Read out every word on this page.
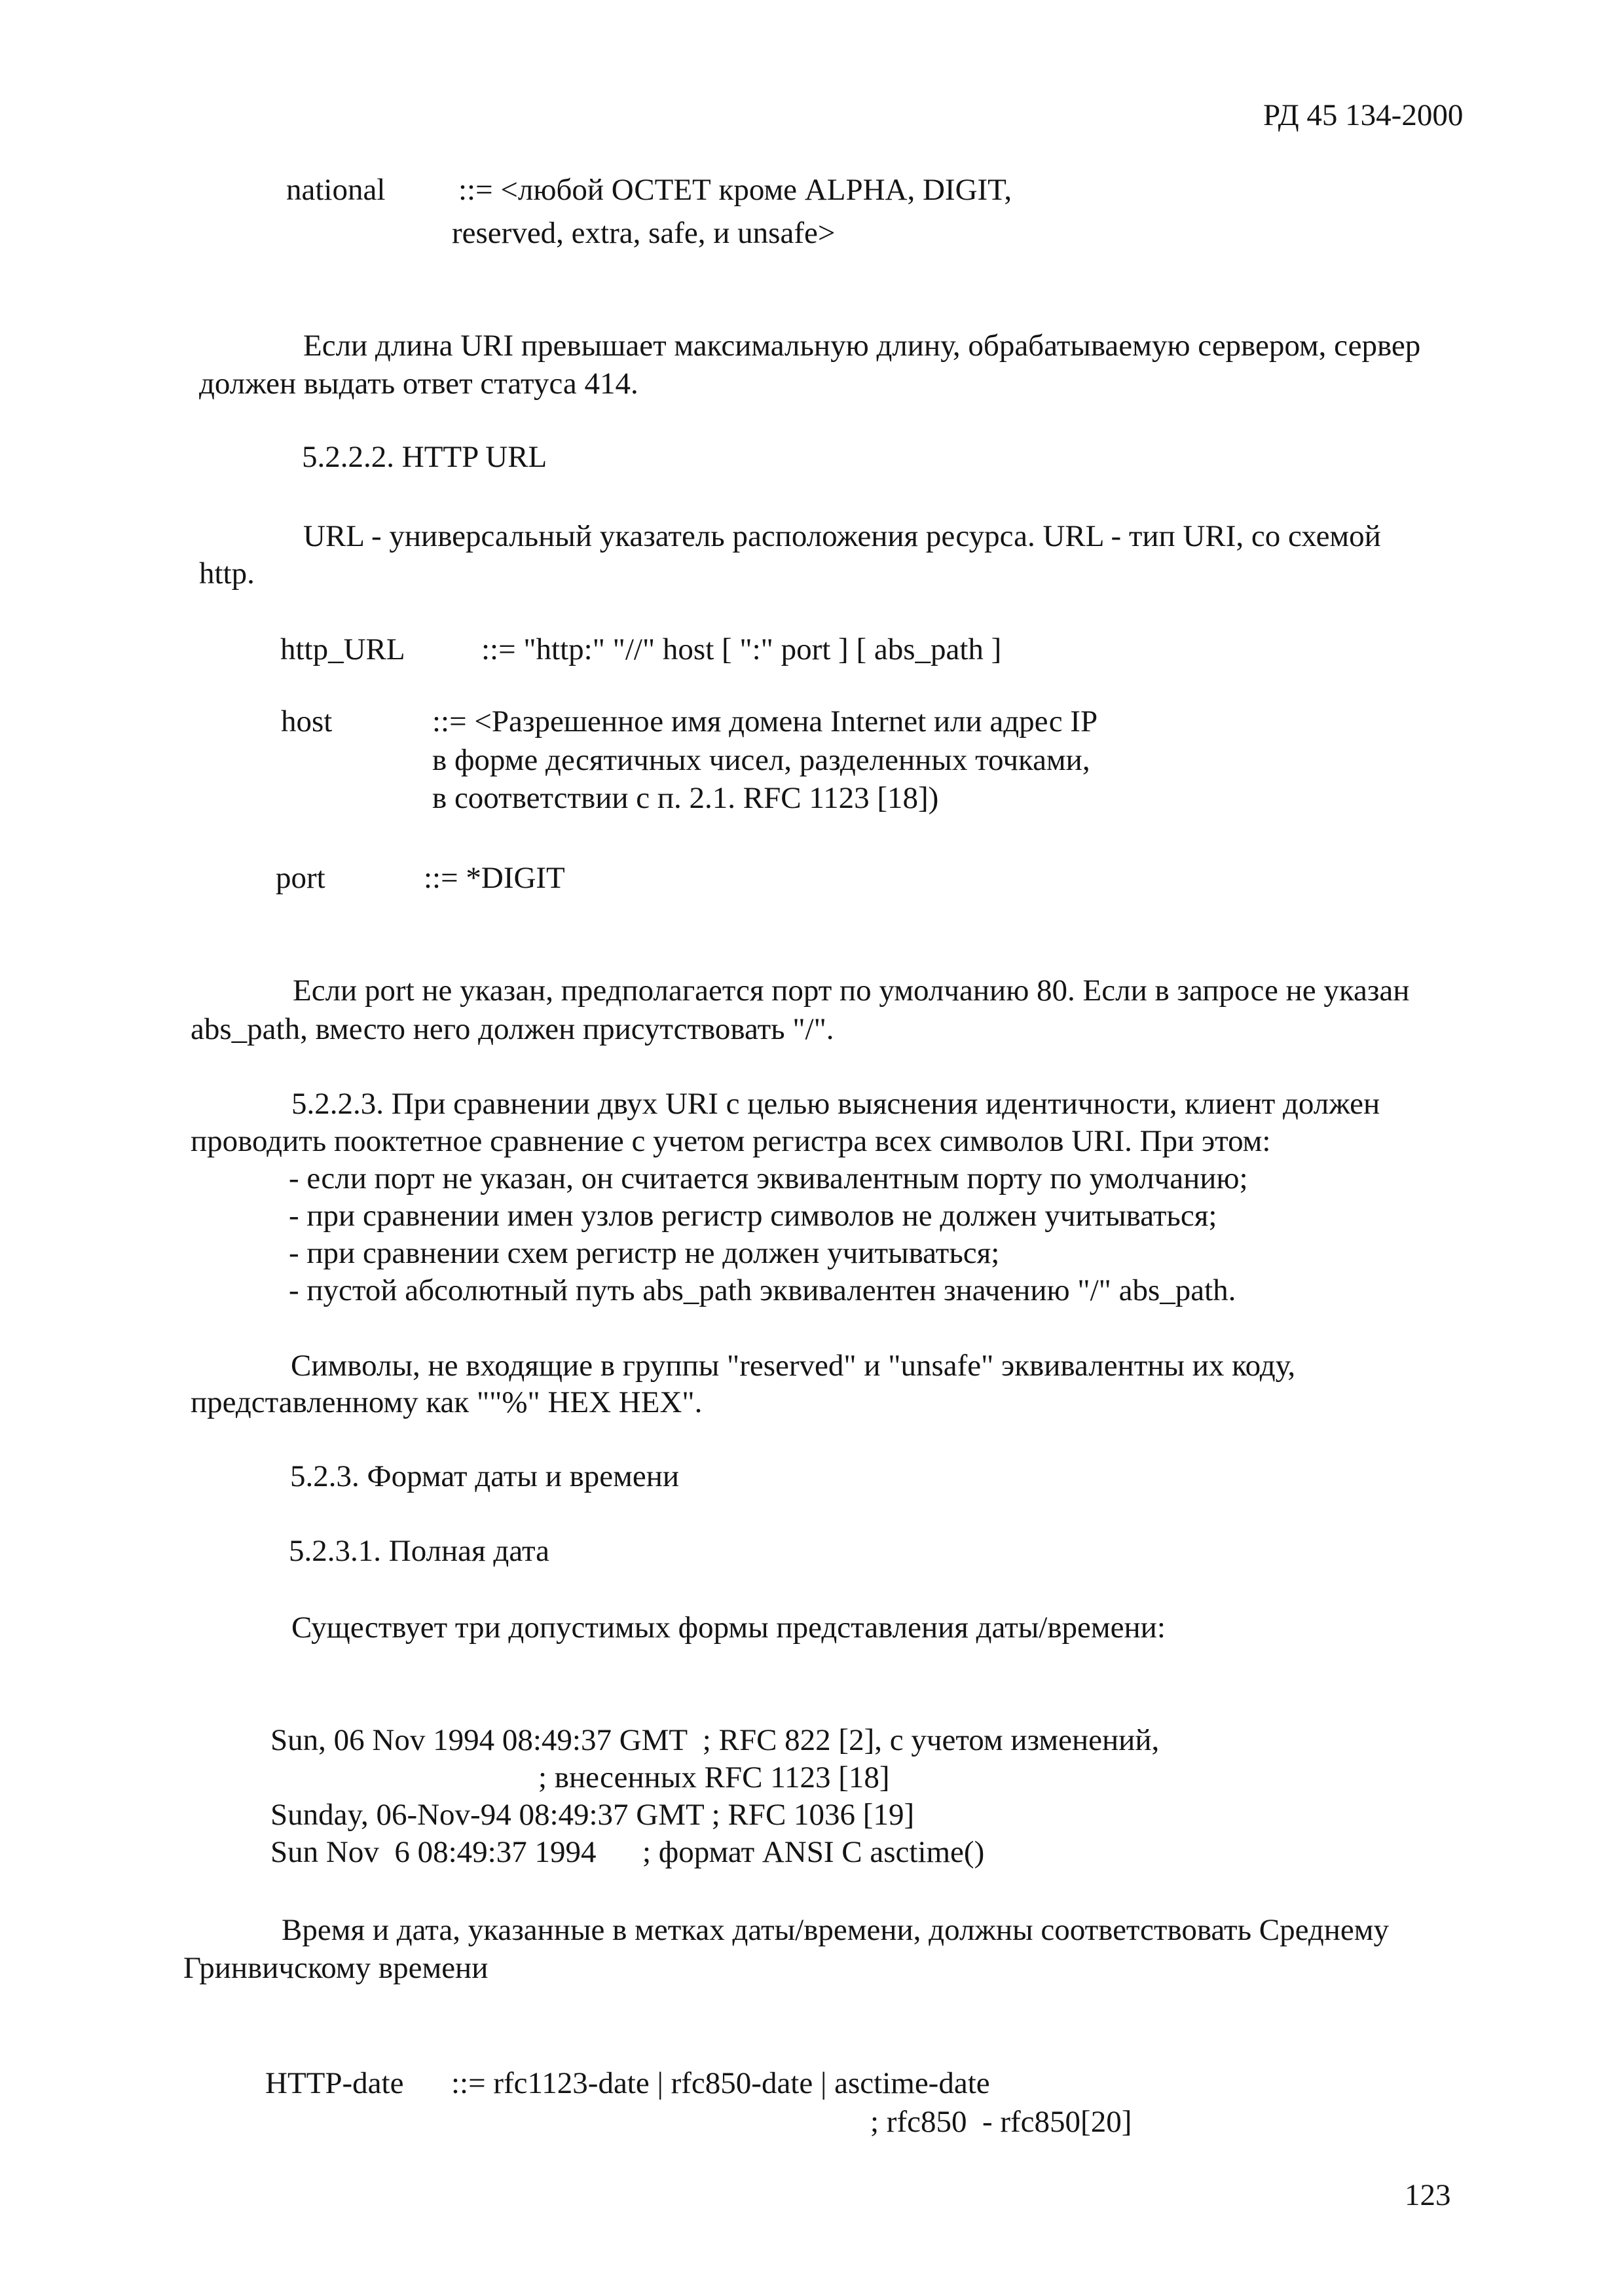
РД 45 134-2000
national ::= <любой ОСТЕТ кроме ALPHA, DIGIT,
reserved, extra, safe, и unsafe>
Если длина URI превышает максимальную длину, обрабатываемую сервером, сервер
должен выдать ответ статуса 414.
5.2.2.2. HTTP URL
URL - универсальный указатель расположения ресурса. URL - тип URI, со схемой
http.
http_URL ::= "http:" "//" host [ ":" port ] [ abs_path ]
host	::= <Разрешенное имя домена Internet или адрес IP
в форме десятичных чисел, разделенных точками,
в соответствии с п. 2.1. RFC 1123 [18])
port	::= *DIGIT
Если port не указан, предполагается порт по умолчанию 80. Если в запросе не указан
abs_path, вместо него должен присутствовать "/".
5.2.2.3. При сравнении двух URI с целью выяснения идентичности, клиент должен
проводить пооктетное сравнение с учетом регистра всех символов URI. При этом:
- если порт не указан, он считается эквивалентным порту по умолчанию;
- при сравнении имен узлов регистр символов не должен учитываться;
- при сравнении схем регистр не должен учитываться;
- пустой абсолютный путь abs_path эквивалентен значению "/" abs_path.
Символы, не входящие в группы "reserved" и "unsafe" эквивалентны их коду,
представленному как ""%" HEX HEX".
5.2.3. Формат даты и времени
5.2.3.1. Полная дата
Существует три допустимых формы представления даты/времени:
Sun, 06 Nov 1994 08:49:37 GMT  ; RFC 822 [2], с учетом изменений,
; внесенных RFC 1123 [18]
Sunday, 06-Nov-94 08:49:37 GMT ; RFC 1036 [19]
Sun Nov  6 08:49:37 1994      ; формат ANSI C asctime()
Время и дата, указанные в метках даты/времени, должны соответствовать Среднему
Гринвичскому времени
HTTP-date ::= rfc1123-date | rfc850-date | asctime-date
; rfc850  - rfc850[20]
123
